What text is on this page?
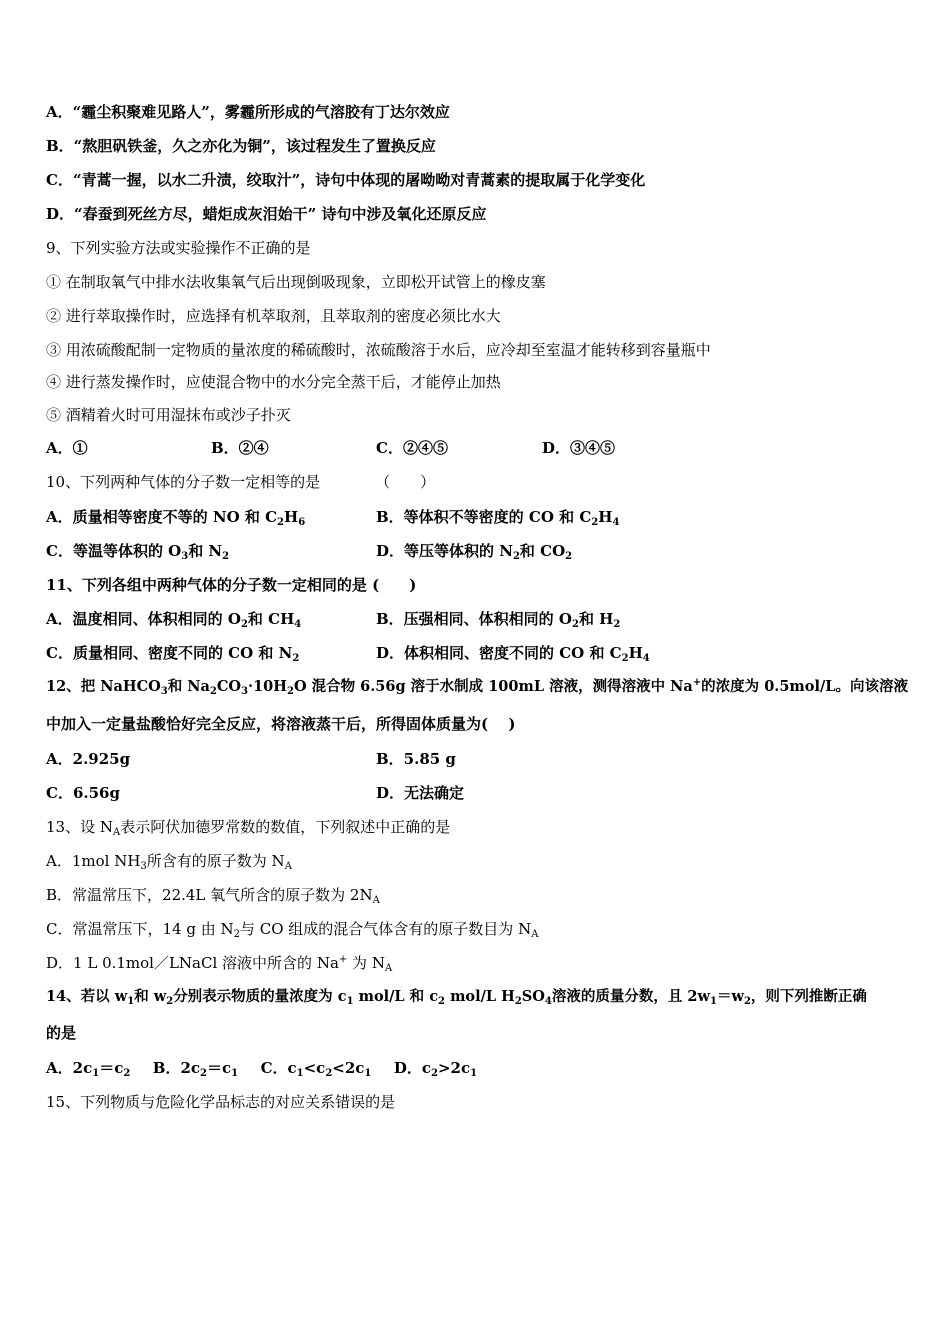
A．“霾尘积聚难见路人”，雾霾所形成的气溶胶有丁达尔效应
B．“熬胆矾铁釜，久之亦化为铜”，该过程发生了置换反应
C．“青蒿一握，以水二升渍，绞取汁”，诗句中体现的屠呦呦对青蒿素的提取属于化学变化
D．“春蚕到死丝方尽，蜡炬成灰泪始干” 诗句中涉及氧化还原反应
9、下列实验方法或实验操作不正确的是
① 在制取氧气中排水法收集氧气后出现倒吸现象，立即松开试管上的橡皮塞
② 进行萃取操作时，应选择有机萃取剂，且萃取剂的密度必须比水大
③ 用浓硫酸配制一定物质的量浓度的稀硫酸时，浓硫酸溶于水后，应冷却至室温才能转移到容量瓶中
④ 进行蒸发操作时，应使混合物中的水分完全蒸干后，才能停止加热
⑤ 酒精着火时可用湿抹布或沙子扑灭
A．①	B．②④	C．②④⑤	D．③④⑤
10、下列两种气体的分子数一定相等的是	（　　）
A．质量相等密度不等的 NO 和 $C_2H_6$	B．等体积不等密度的 CO 和 $C_2H_4$
C．等温等体积的 $O_3$和 $N_2$	D．等压等体积的 $N_2$和 $CO_2$
11、下列各组中两种气体的分子数一定相同的是 (　　)
A．温度相同、体积相同的 $O_2$和 $CH_4$	B．压强相同、体积相同的 $O_2$和 $H_2$
C．质量相同、密度不同的 CO 和 $N_2$	D．体积相同、密度不同的 CO 和 $C_2H_4$
12、把 NaHCO$_3$和 $Na_2CO_3\cdot 10H_2O$ 混合物 6.56g 溶于水制成 100mL 溶液，测得溶液中 Na+的浓度为 0.5mol/L。向该溶液
中加入一定量盐酸恰好完全反应，将溶液蒸干后，所得固体质量为(　 )
A．2.925g	B．5.85 g
C．6.56g	D．无法确定
13、设 $N_A$表示阿伏加德罗常数的数值，下列叙述中正确的是
A．1mol $NH_3$所含有的原子数为 $N_A$
B．常温常压下，22.4L 氧气所含的原子数为 $2N_A$
C．常温常压下，14 g 由 $N_2$与 CO 组成的混合气体含有的原子数目为 $N_A$
D．1 L 0.1mol／LNaCl 溶液中所含的 Na+ 为 $N_A$
14、若以 $w_1$和 $w_2$分别表示物质的量浓度为 $c_1$ mol/L 和 $c_2$ mol/L $H_2SO_4$溶液的质量分数，且 $2w_1=w_2$，则下列推断正确
的是
A．$2c_1=c_2$ B．$2c_2=c_1$ C．$c_1<c_2<2c_1$ D．$c_2>2c_1$
15、下列物质与危险化学品标志的对应关系错误的是
